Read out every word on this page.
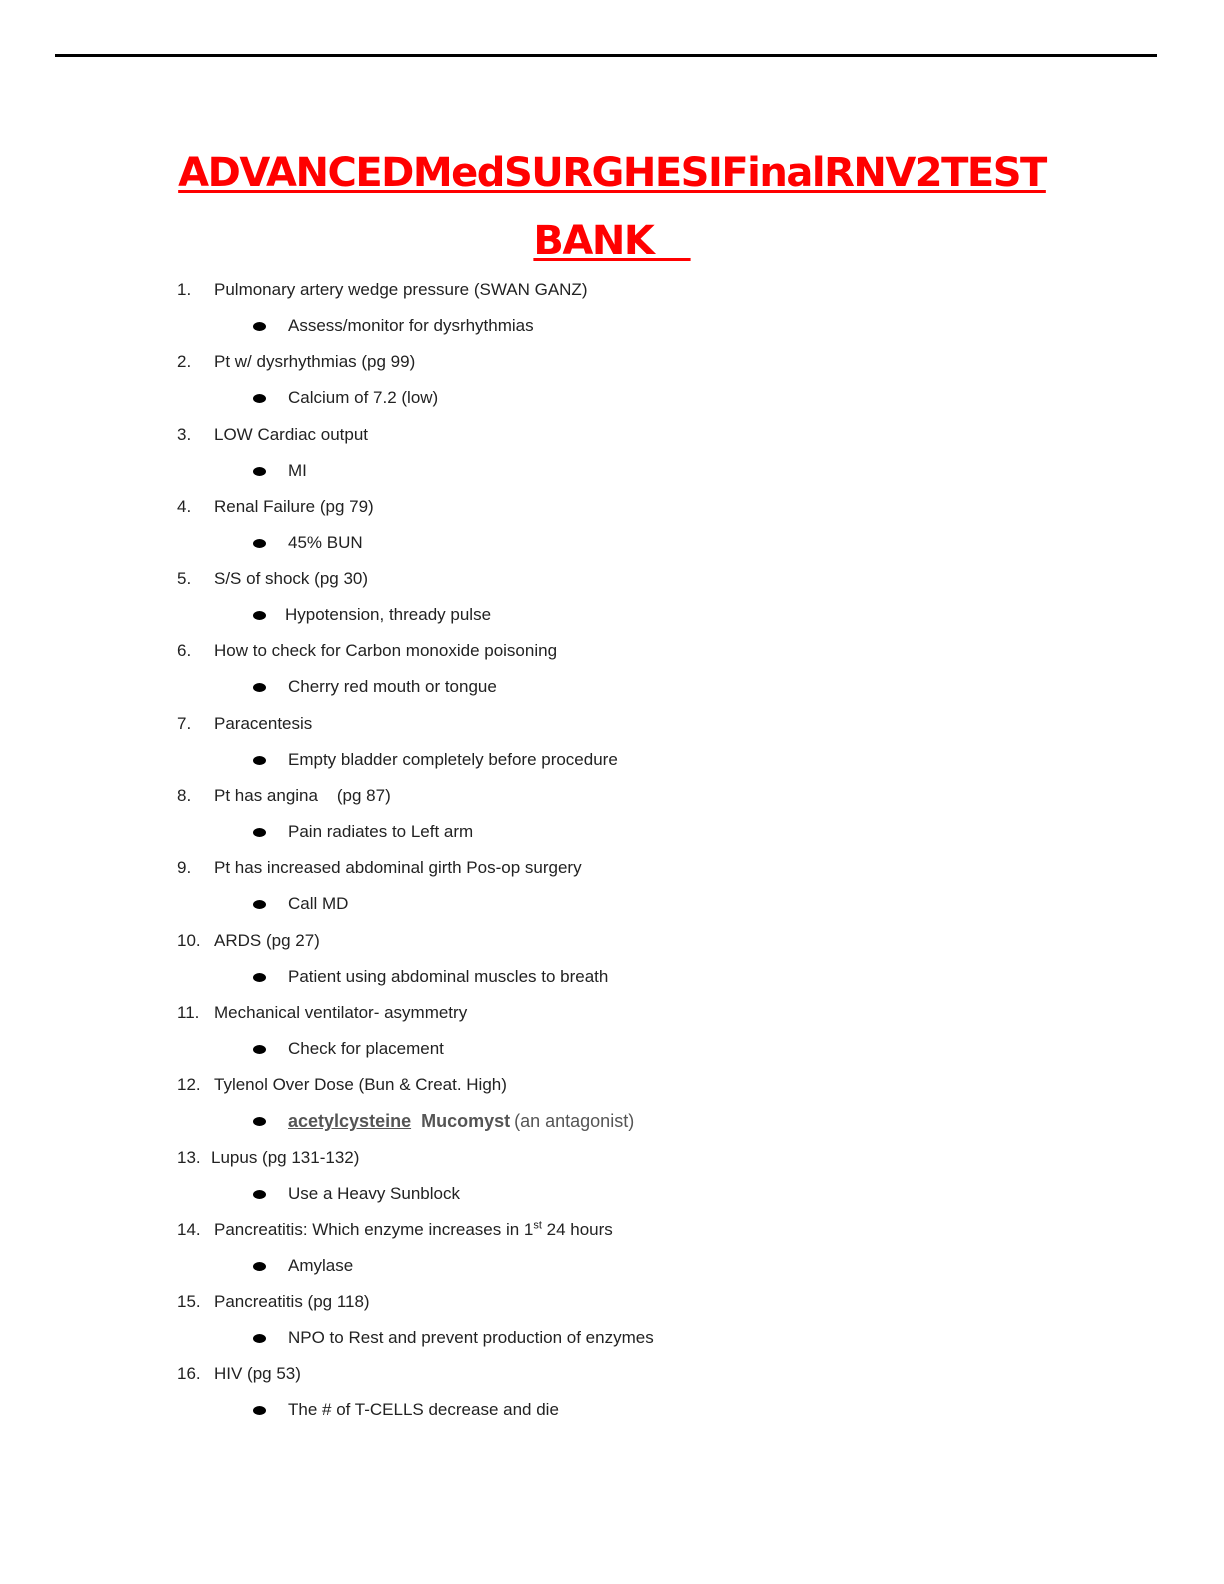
ADVANCEDMedSURGHESIFinalRNV2TEST
BANK
1. Pulmonary artery wedge pressure (SWAN GANZ)
Assess/monitor for dysrhythmias
2. Pt w/ dysrhythmias (pg 99)
Calcium of 7.2 (low)
3. LOW Cardiac output
MI
4. Renal Failure (pg 79)
45% BUN
5. S/S of shock (pg 30)
Hypotension, thready pulse
6. How to check for Carbon monoxide poisoning
Cherry red mouth or tongue
7. Paracentesis
Empty bladder completely before procedure
8. Pt has angina    (pg 87)
Pain radiates to Left arm
9. Pt has increased abdominal girth Pos-op surgery
Call MD
10. ARDS (pg 27)
Patient using abdominal muscles to breath
11. Mechanical ventilator- asymmetry
Check for placement
12. Tylenol Over Dose (Bun & Creat. High)
acetylcysteine Mucomyst (an antagonist)
13. Lupus (pg 131-132)
Use a Heavy Sunblock
14. Pancreatitis: Which enzyme increases in 1st 24 hours
Amylase
15. Pancreatitis (pg 118)
NPO to Rest and prevent production of enzymes
16. HIV (pg 53)
The # of T-CELLS decrease and die
